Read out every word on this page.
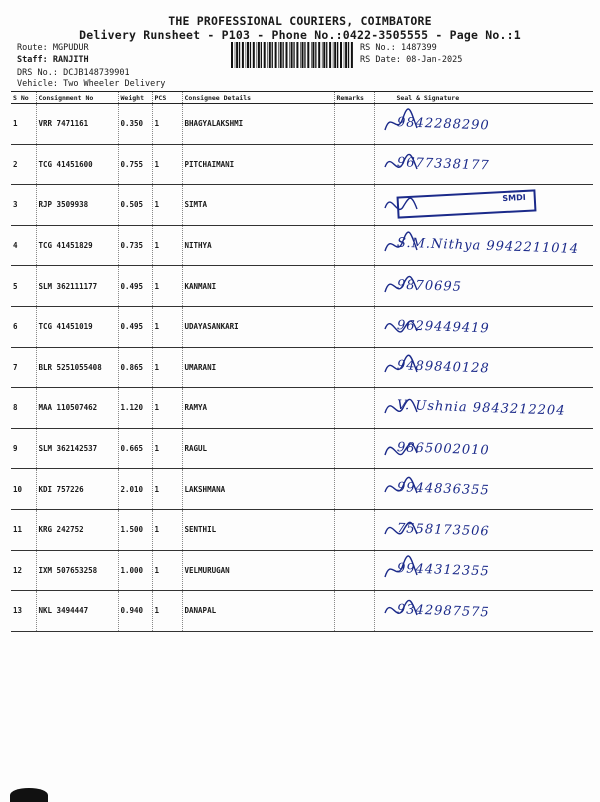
THE PROFESSIONAL COURIERS, COIMBATORE
Delivery Runsheet - P103 - Phone No.:0422-3505555 - Page No.:1
Route: MGPUDUR
Staff: RANJITH
DRS No.: DCJB148739901
Vehicle: Two Wheeler Delivery
RS No.: 1487399
RS Date: 08-Jan-2025
S No	Consignment No	Weight	PCS	Consignee Details	Remarks	Seal & Signature
1	VRR 7471161	0.350	1	BHAGYALAKSHMI		9842288290

2	TCG 41451600	0.755	1	PITCHAIMANI		9677338177

3	RJP 3509938	0.505	1	SIMTA		

4	TCG 41451829	0.735	1	NITHYA		S.M.Nithya 9942211014

5	SLM 362111177	0.495	1	KANMANI		9870695

6	TCG 41451019	0.495	1	UDAYASANKARI		9629449419

7	BLR 5251055408	0.865	1	UMARANI		9489840128

8	MAA 110507462	1.120	1	RAMYA		V. Ushnia 9843212204

9	SLM 362142537	0.665	1	RAGUL		9865002010

10	KDI 757226	2.010	1	LAKSHMANA		9944836355

11	KRG 242752	1.500	1	SENTHIL		7558173506

12	IXM 507653258	1.000	1	VELMURUGAN		9944312355

13	NKL 3494447	0.940	1	DANAPAL		9342987575
SMDI
